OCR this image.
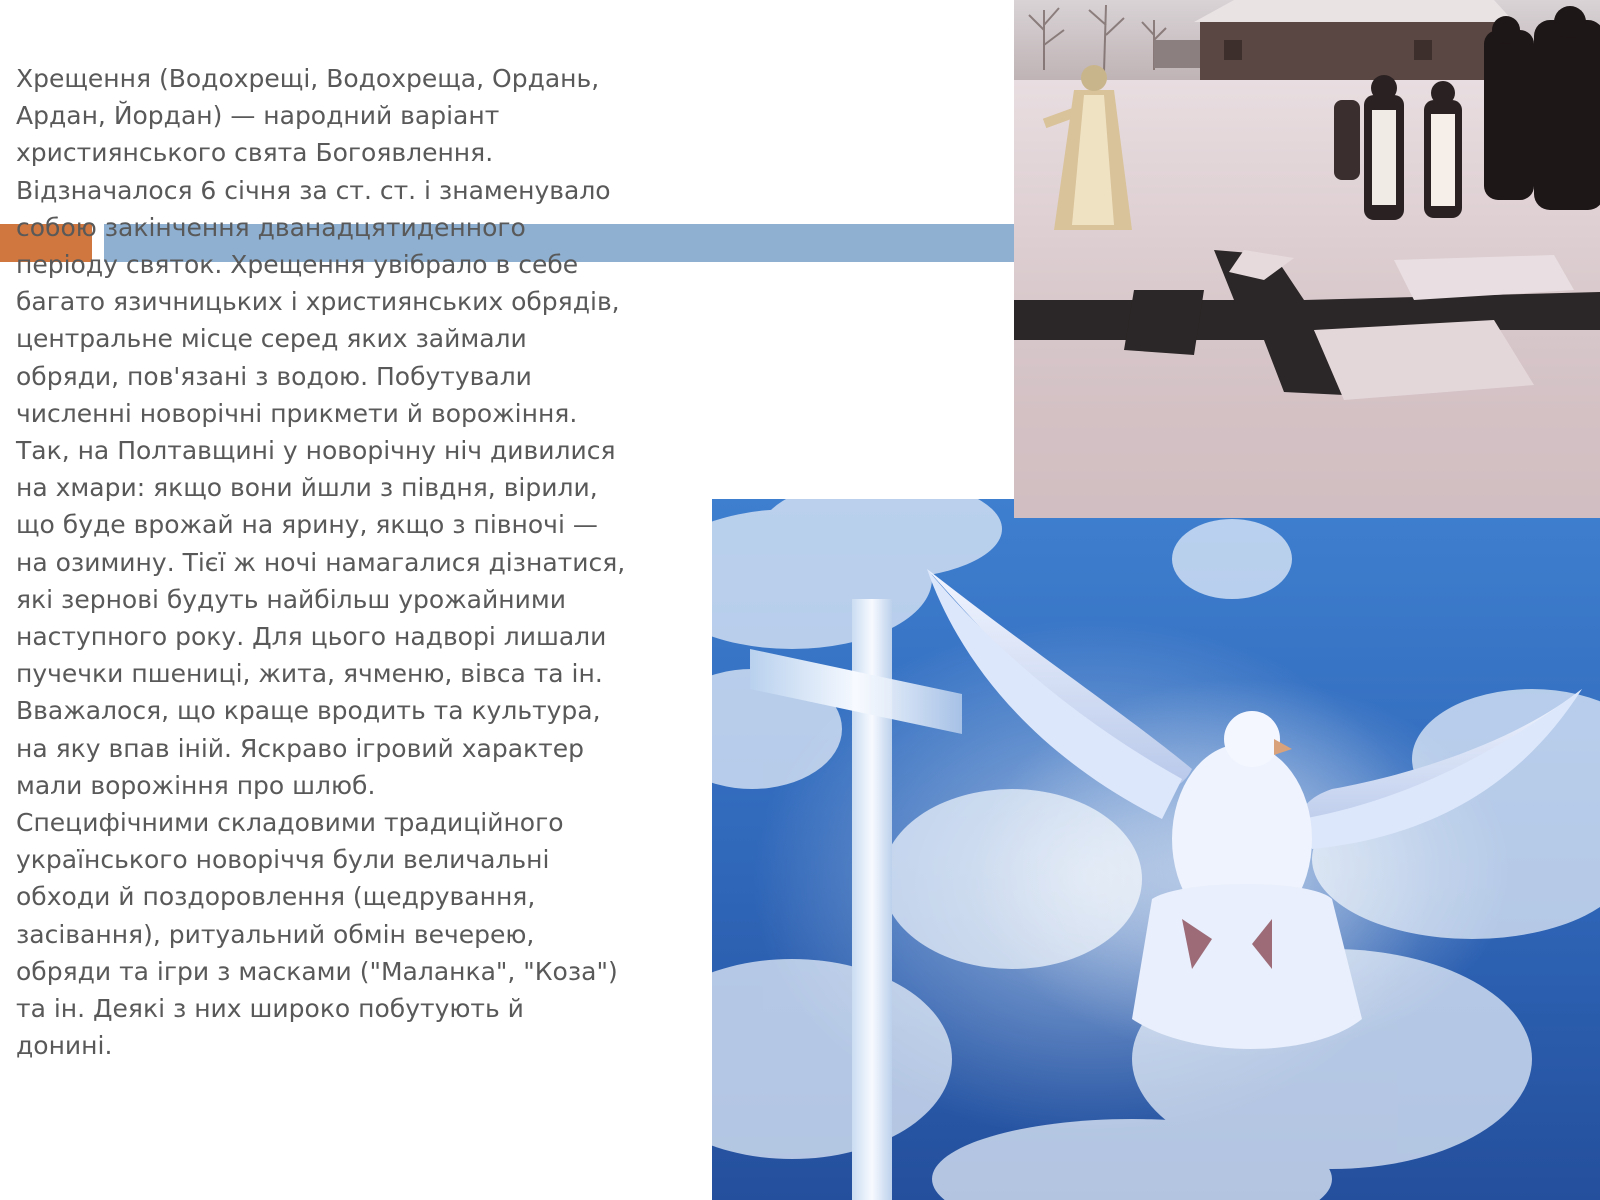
Хрещення (Водохрещі, Водохреща, Ордань, Ардан, Йордан) — народний варіант християнського свята Богоявлення. Відзначалося 6 січня за ст. ст. і знаменувало собою закінчення дванадцятиденного періоду святок. Хрещення увібрало в себе багато язичницьких і християнських обрядів, центральне місце серед яких займали обряди, пов'язані з водою. Побутували численні новорічні прикмети й ворожіння. Так, на Полтавщині у новорічну ніч дивилися на хмари: якщо вони йшли з півдня, вірили, що буде врожай на ярину, якщо з півночі — на озимину. Тієї ж ночі намагалися дізнатися, які зернові будуть найбільш урожайними наступного року. Для цього надворі лишали пучечки пшениці, жита, ячменю, вівса та ін. Вважалося, що краще вродить та культура, на яку впав іній. Яскраво ігровий характер мали ворожіння про шлюб.

Специфічними складовими традиційного українського новоріччя були величальні обходи й поздоровлення (щедрування, засівання), ритуальний обмін вечерею, обряди та ігри з масками ("Маланка", "Коза") та ін. Деякі з них широко побутують й донині.
